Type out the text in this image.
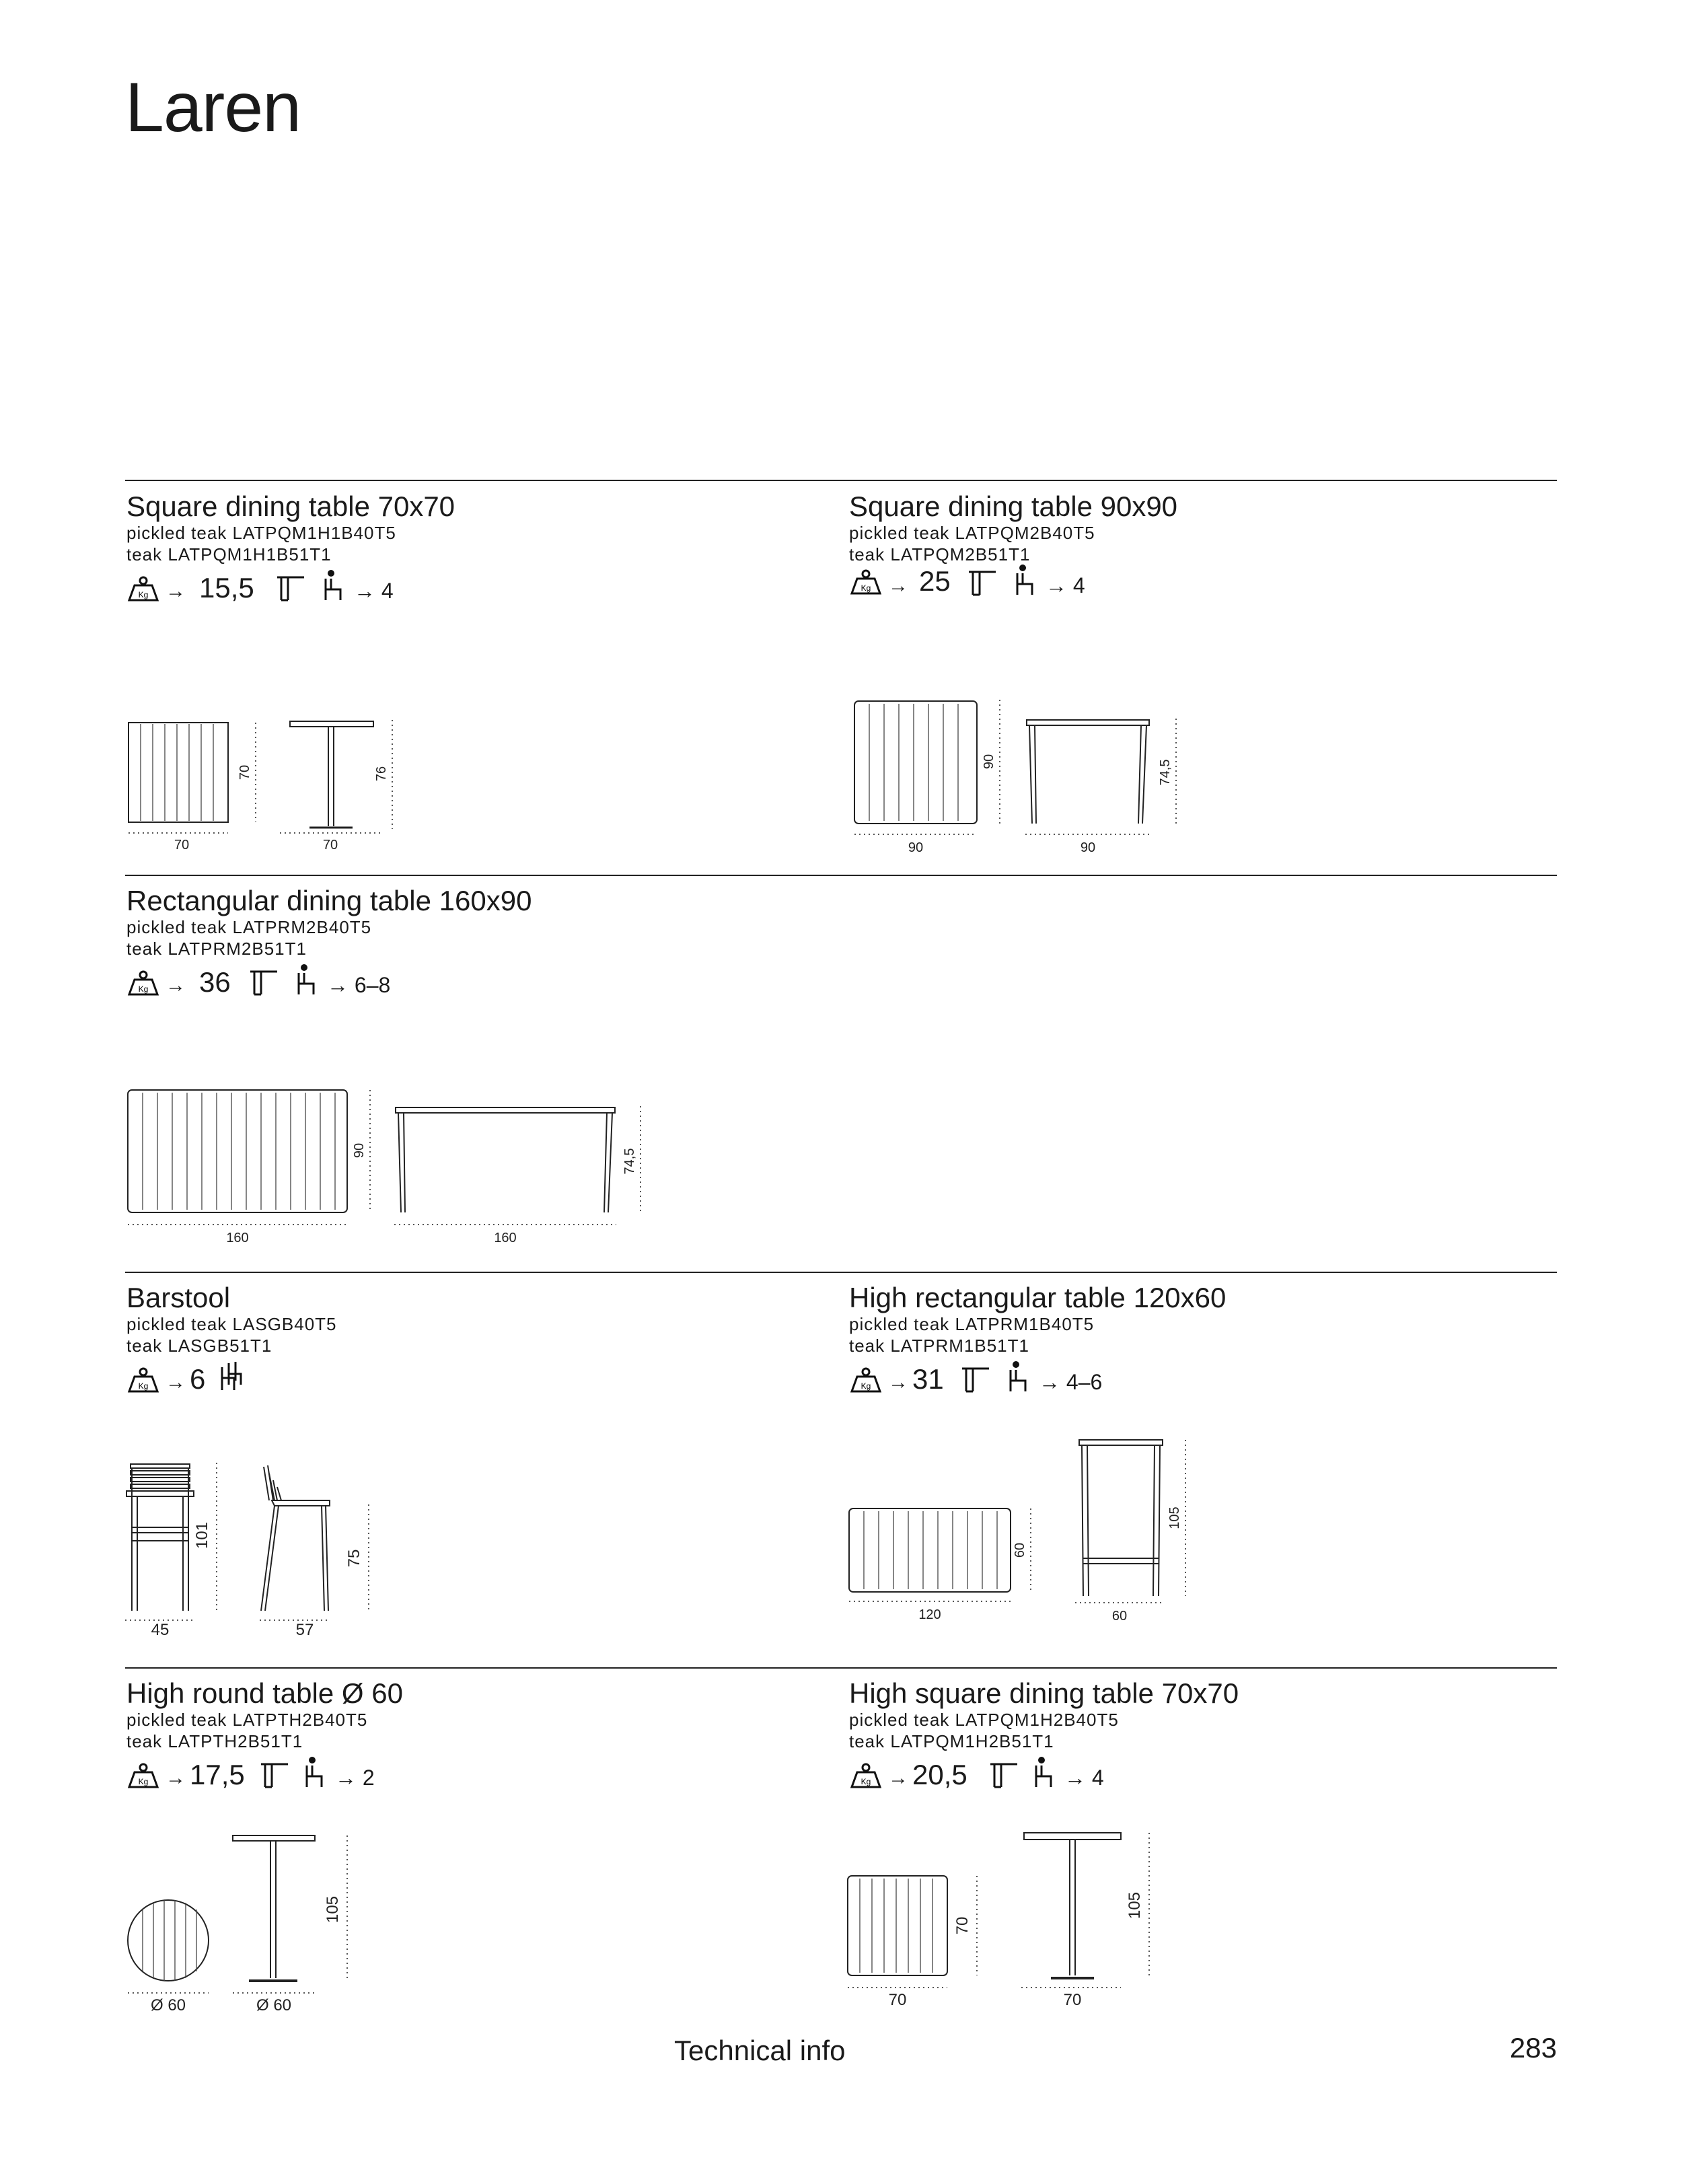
Laren
Square dining table 70x70
pickled teak LATPQM1H1B40T5
teak LATPQM1H1B51T1
Kg → 15,5	→ 4
70
70
70
76
Square dining table 90x90
pickled teak LATPQM2B40T5
teak LATPQM2B51T1
Kg → 25	→ 4
90
90
90
74,5
Rectangular dining table 160x90
pickled teak LATPRM2B40T5
teak LATPRM2B51T1
Kg → 36	→ 6–8
160
90
160
74,5
Barstool
pickled teak LASGB40T5
teak LASGB51T1
Kg → 6
45
101
57
75
High rectangular table 120x60
pickled teak LATPRM1B40T5
teak LATPRM1B51T1
Kg → 31	→ 4–6
120
60
60
105
High round table Ø 60
pickled teak LATPTH2B40T5
teak LATPTH2B51T1
Kg → 17,5	→ 2
Ø 60	Ø 60
105
High square dining table 70x70
pickled teak LATPQM1H2B40T5
teak LATPQM1H2B51T1
Kg → 20,5	→ 4
70
70
70
105
Technical info	283
